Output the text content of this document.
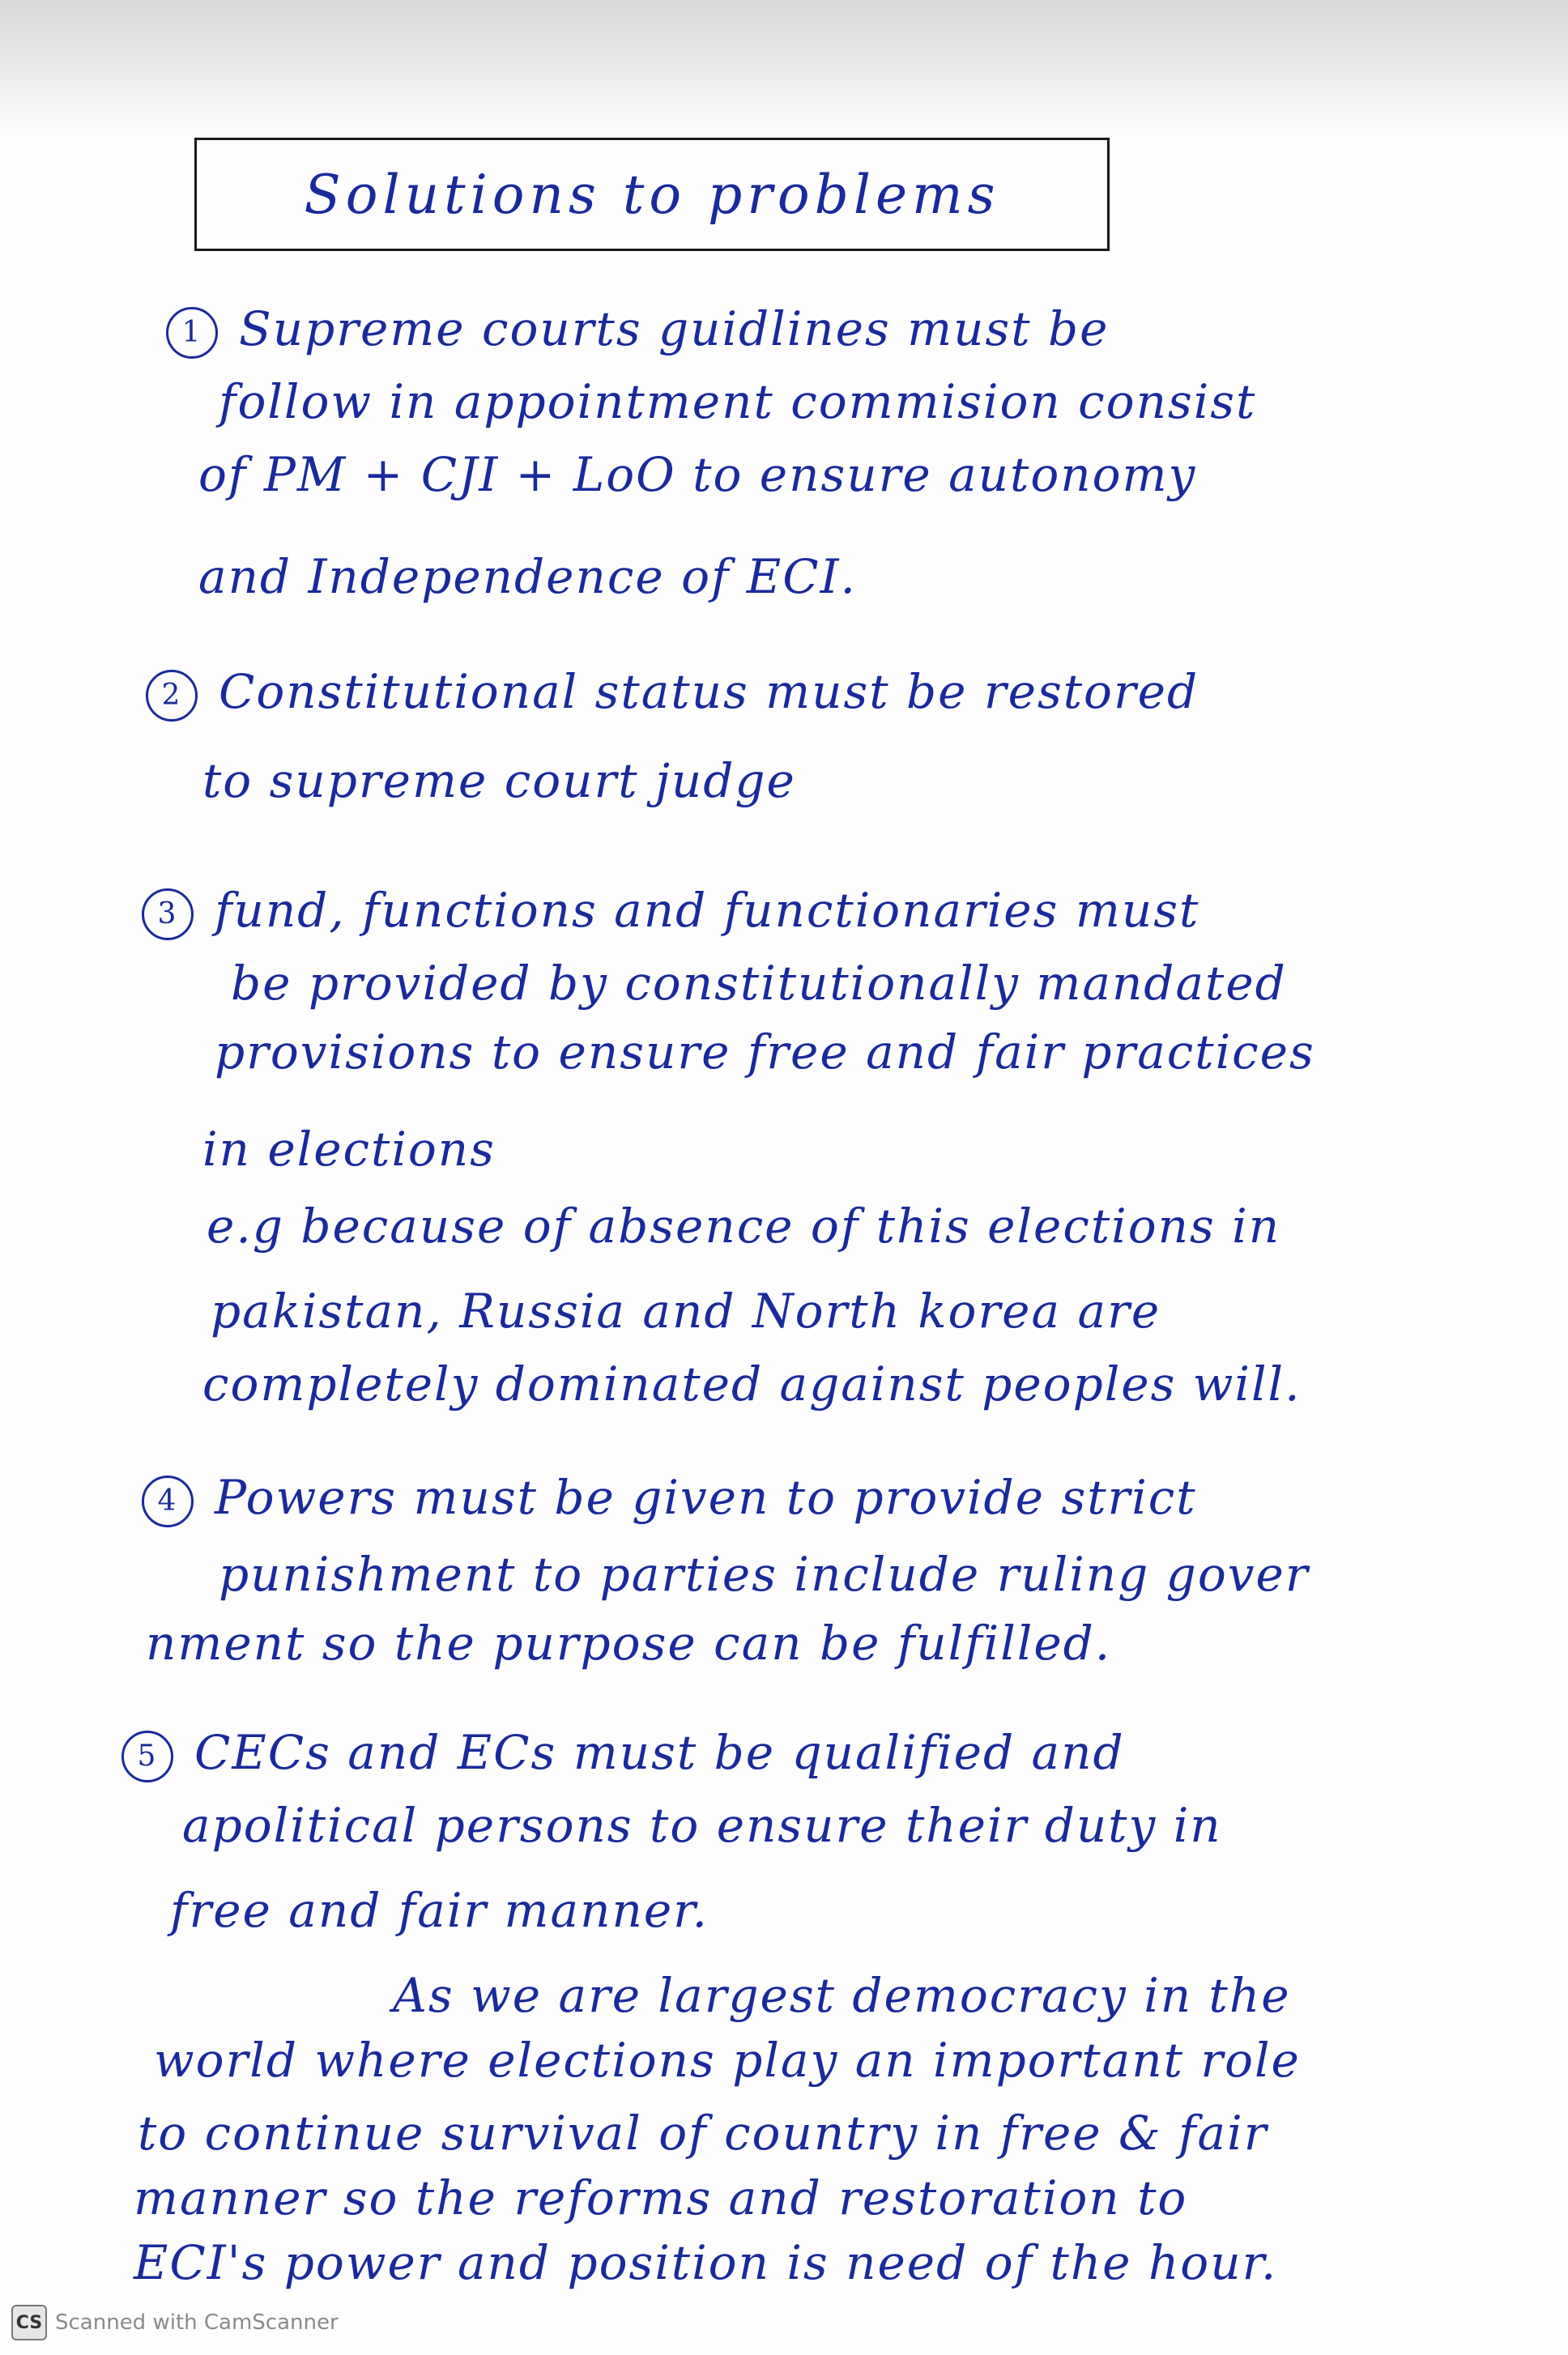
Solutions to problems
1 Supreme courts guidlines must be
follow in appointment commision consist
of PM + CJI + LoO to ensure autonomy
and Independence of ECI.
2 Constitutional status must be restored
to supreme court judge
3 fund, functions and functionaries must
be provided by constitutionally mandated
provisions to ensure free and fair practices
in elections
e.g because of absence of this elections in
pakistan, Russia and North korea are
completely dominated against peoples will.
4 Powers must be given to provide strict
punishment to parties include ruling gover
nment so the purpose can be fulfilled.
5 CECs and ECs must be qualified and
apolitical persons to ensure their duty in
free and fair manner.
As we are largest democracy in the
world where elections play an important role
to continue survival of country in free & fair
manner so the reforms and restoration to
ECI's power and position is need of the hour.
CS Scanned with CamScanner
